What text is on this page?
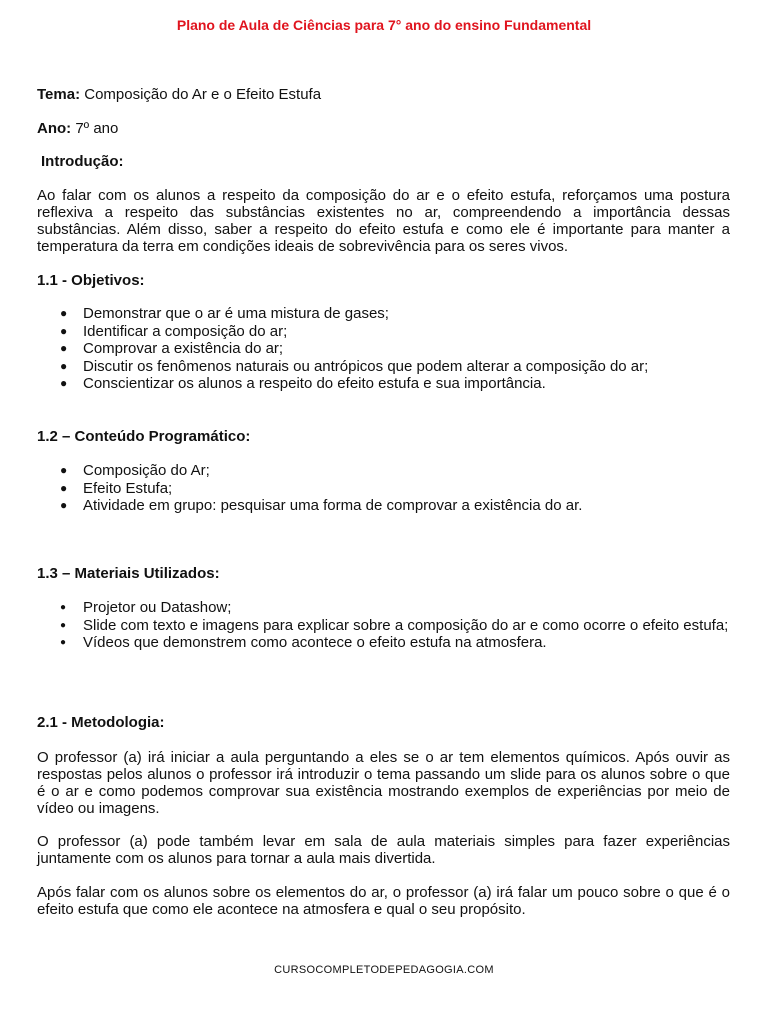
Plano de Aula de Ciências para 7° ano do ensino Fundamental
Tema: Composição do Ar e o Efeito Estufa
Ano: 7º ano
Introdução:
Ao falar com os alunos a respeito da composição do ar e o efeito estufa, reforçamos uma postura reflexiva a respeito das substâncias existentes no ar, compreendendo a importância dessas substâncias. Além disso, saber a respeito do efeito estufa e como ele é importante para manter a temperatura da terra em condições ideais de sobrevivência para os seres vivos.
1.1 - Objetivos:
● Demonstrar que o ar é uma mistura de gases;
● Identificar a composição do ar;
● Comprovar a existência do ar;
● Discutir os fenômenos naturais ou antrópicos que podem alterar a composição do ar;
● Conscientizar os alunos a respeito do efeito estufa e sua importância.
1.2 – Conteúdo Programático:
● Composição do Ar;
● Efeito Estufa;
● Atividade em grupo: pesquisar uma forma de comprovar a existência do ar.
1.3 – Materiais Utilizados:
● Projetor ou Datashow;
● Slide com texto e imagens para explicar sobre a composição do ar e como ocorre o efeito estufa;
● Vídeos que demonstrem como acontece o efeito estufa na atmosfera.
2.1 - Metodologia:
O professor (a) irá iniciar a aula perguntando a eles se o ar tem elementos químicos. Após ouvir as respostas pelos alunos o professor irá introduzir o tema passando um slide para os alunos sobre o que é o ar e como podemos comprovar sua existência mostrando exemplos de experiências por meio de vídeo ou imagens.
O professor (a) pode também levar em sala de aula materiais simples para fazer experiências juntamente com os alunos para tornar a aula mais divertida.
Após falar com os alunos sobre os elementos do ar, o professor (a) irá falar um pouco sobre o que é o efeito estufa que como ele acontece na atmosfera e qual o seu propósito.
CURSOCOMPLETODEPEDAGOGIA.COM
